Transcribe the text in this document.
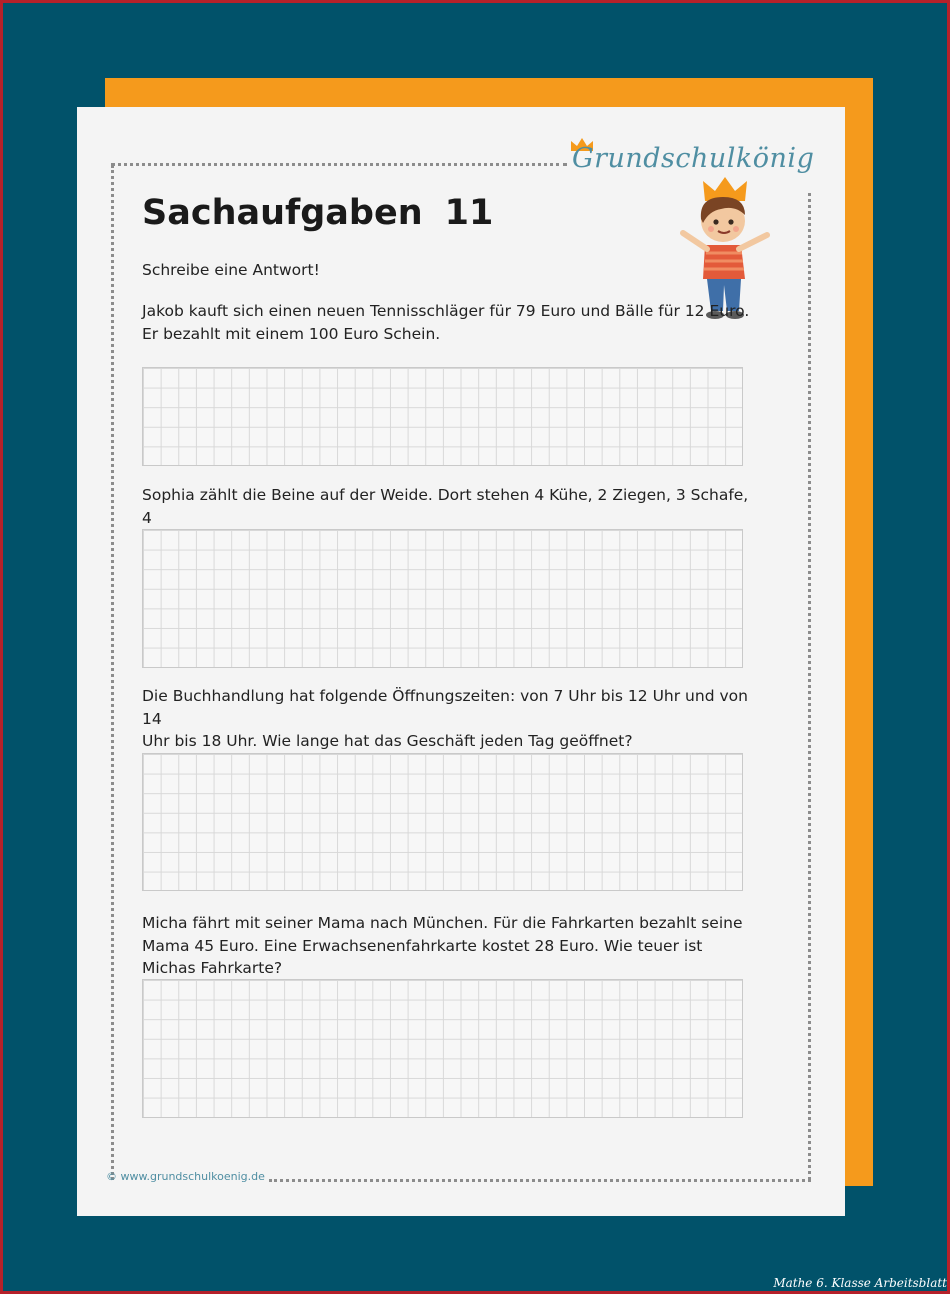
Grundschulkönig
Sachaufgaben 11
Schreibe eine Antwort!
Jakob kauft sich einen neuen Tennisschläger für 79 Euro und Bälle für 12 Euro.
Er bezahlt mit einem 100 Euro Schein.
Sophia zählt die Beine auf der Weide. Dort stehen 4 Kühe, 2 Ziegen, 3 Schafe, 4
Die Buchhandlung hat folgende Öffnungszeiten: von 7 Uhr bis 12 Uhr und von 14
Uhr bis 18 Uhr. Wie lange hat das Geschäft jeden Tag geöffnet?
Micha fährt mit seiner Mama nach München. Für die Fahrkarten bezahlt seine
Mama 45 Euro. Eine Erwachsenenfahrkarte kostet 28 Euro. Wie teuer ist
Michas Fahrkarte?
© www.grundschulkoenig.de
Mathe 6. Klasse Arbeitsblatt
